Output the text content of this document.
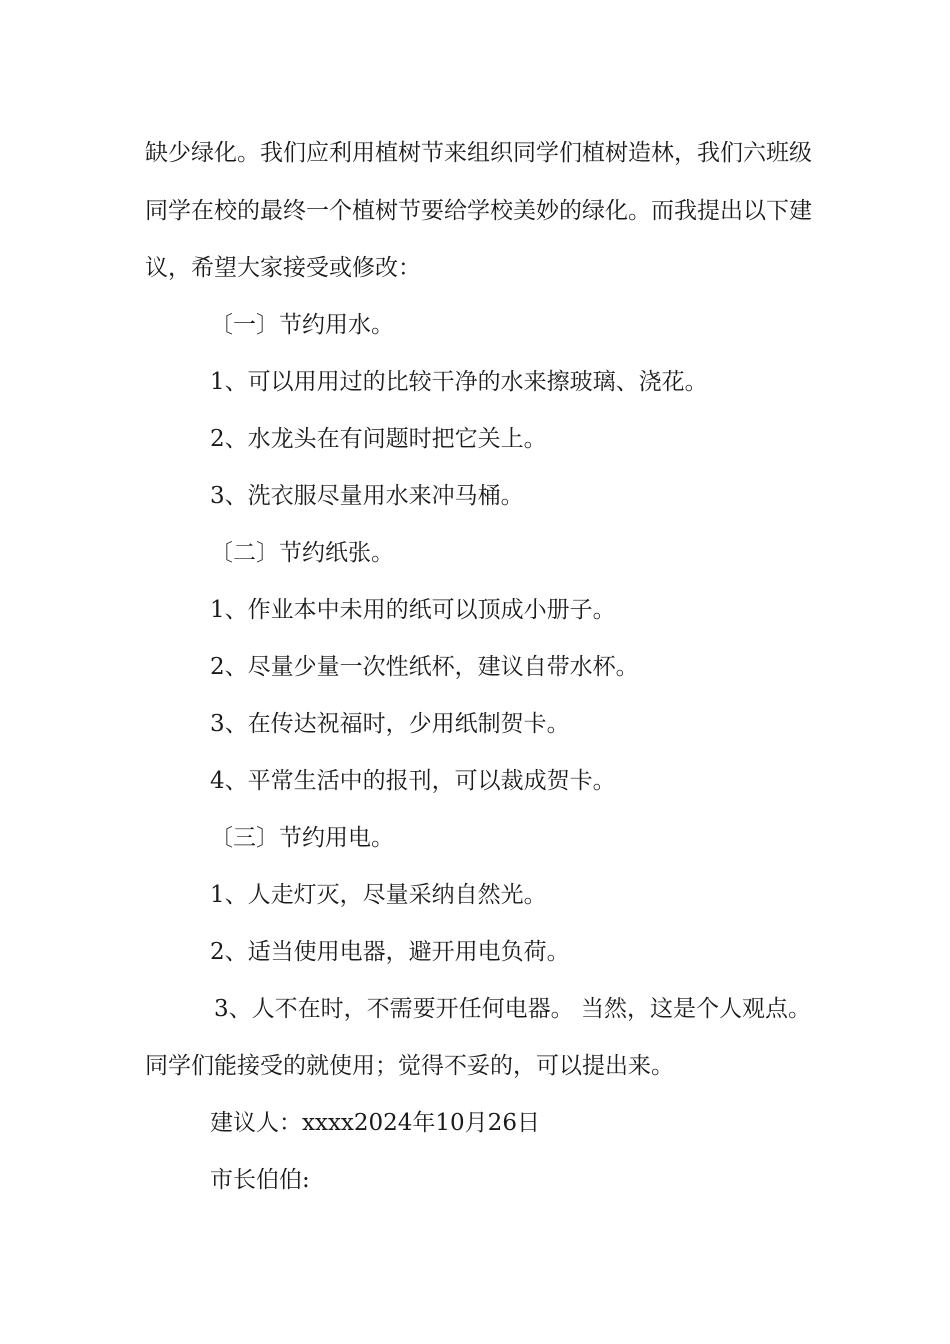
缺少绿化。我们应利用植树节来组织同学们植树造林，我们六班级
同学在校的最终一个植树节要给学校美妙的绿化。而我提出以下建
议，希望大家接受或修改：
〔一〕节约用水。
1、可以用用过的比较干净的水来擦玻璃、浇花。
2、水龙头在有问题时把它关上。
3、洗衣服尽量用水来冲马桶。
〔二〕节约纸张。
1、作业本中未用的纸可以顶成小册子。
2、尽量少量一次性纸杯，建议自带水杯。
3、在传达祝福时，少用纸制贺卡。
4、平常生活中的报刊，可以裁成贺卡。
〔三〕节约用电。
1、人走灯灭，尽量采纳自然光。
2、适当使用电器，避开用电负荷。
3、人不在时，不需要开任何电器。 当然，这是个人观点。
同学们能接受的就使用；觉得不妥的，可以提出来。
建议人：xxxx2024年10月26日
市长伯伯:
